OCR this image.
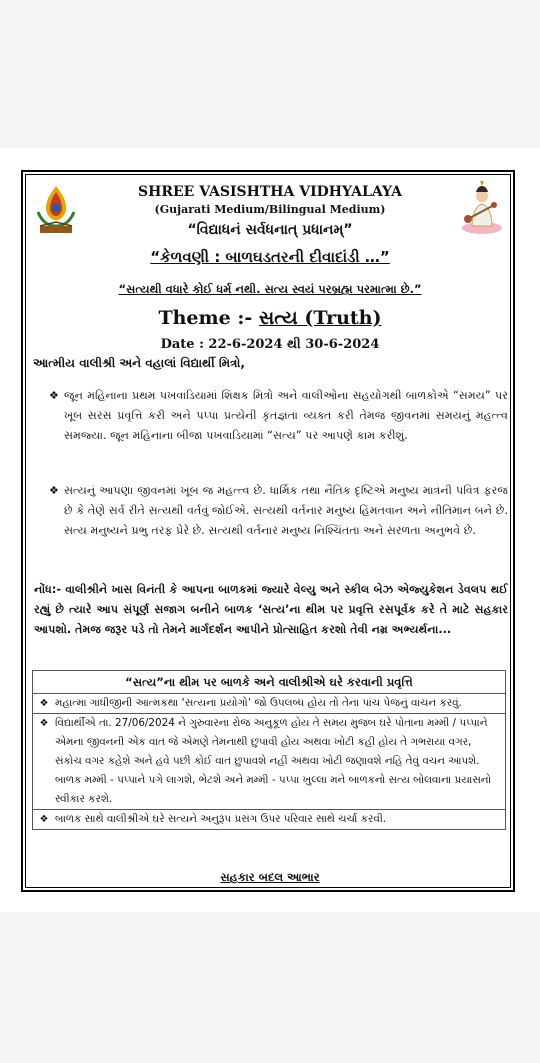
SHREE VASISHTHA VIDHYALAYA
(Gujarati Medium/Bilingual Medium)
“વિદ્યાધનં સર્વધનાત્ પ્રધાનમ્”
“કેળવણી : બાળઘડતરની દીવાદાંડી …”
“સત્યથી વધારે કોઈ ધર્મ નથી. સત્ય સ્વયં પરબ્રહ્મ પરમાત્મા છે.”
Theme :- સત્ય (Truth)
Date : 22-6-2024 થી 30-6-2024
આત્મીય વાલીશ્રી અને વહાલાં વિદ્યાર્થી મિત્રો,
❖ જૂન મહિનાના પ્રથમ પખવાડિયામાં શિક્ષક મિત્રો અને વાલીઓના સહયોગથી બાળકોએ “સમય” પર ખૂબ સરસ પ્રવૃત્તિ કરી અને પપ્પા પ્રત્યેની કૃતજ્ઞતા વ્યક્ત કરી તેમજ જીવનમાં સમયનું મહત્ત્વ સમજ્યા. જૂન મહિનાના બીજા પખવાડિયામાં “સત્ય” પર આપણે કામ કરીશું.
❖ સત્યનું આપણા જીવનમાં ખૂબ જ મહત્ત્વ છે. ધાર્મિક તથા નૈતિક દૃષ્ટિએ મનુષ્ય માત્રની પવિત્ર ફરજ છે કે તેણે સર્વ રીતે સત્યથી વર્તવું જોઈએ. સત્યથી વર્તનાર મનુષ્ય હિંમતવાન અને નીતિમાન બને છે. સત્ય મનુષ્યને પ્રભુ તરફ પ્રેરે છે. સત્યથી વર્તનાર મનુષ્ય નિશ્ચિંતતા અને સરળતા અનુભવે છે.
નોંધ:- વાલીશ્રીને ખાસ વિનંતી કે આપના બાળકમાં જ્યારે વેલ્યુ અને સ્કીલ બેઝ એજ્યુકેશન ડેવલપ થઈ રહ્યું છે ત્યારે આપ સંપૂર્ણ સજાગ બનીને બાળક ‘સત્ય’ના થીમ પર પ્રવૃત્તિ રસપૂર્વક કરે તે માટે સહકાર આપશો. તેમજ જરૂર પડે તો તેમને માર્ગદર્શન આપીને પ્રોત્સાહિત કરશો તેવી નમ્ર અભ્યર્થના...
“સત્ય”ના થીમ પર બાળકે અને વાલીશ્રીએ ઘરે કરવાની પ્રવૃત્તિ

❖ મહાત્મા ગાંધીજીની આત્મકથા ‘સત્યના પ્રયોગો’ જો ઉપલબ્ધ હોય તો તેના પાંચ પેજનું વાંચન કરવું.

❖ વિદ્યાર્થીએ તા. 27/06/2024 ને ગુરુવારના રોજ અનુકૂળ હોય તે સમય મુજબ ઘરે પોતાના મમ્મી / પપ્પાને એમના જીવનની એક વાત જે એમણે તેમનાથી છુપાવી હોય અથવા ખોટી કહી હોય તે ગભરાયા વગર, સંકોચ વગર કહેશે અને હવે પછી કોઈ વાત છુપાવશે નહીં અથવા ખોટી જણાવશે નહિ તેવું વચન આપશે. બાળક મમ્મી - પપ્પાને પગે લાગશે, ભેટશે અને મમ્મી - પપ્પા ખુલ્લા મને બાળકનો સત્ય બોલવાના પ્રયાસનો સ્વીકાર કરશે.

❖ બાળક સાથે વાલીશ્રીએ ઘરે સત્યને અનુરૂપ પ્રસંગ ઉપર પરિવાર સાથે ચર્ચા કરવી.
સહકાર બદલ આભાર
